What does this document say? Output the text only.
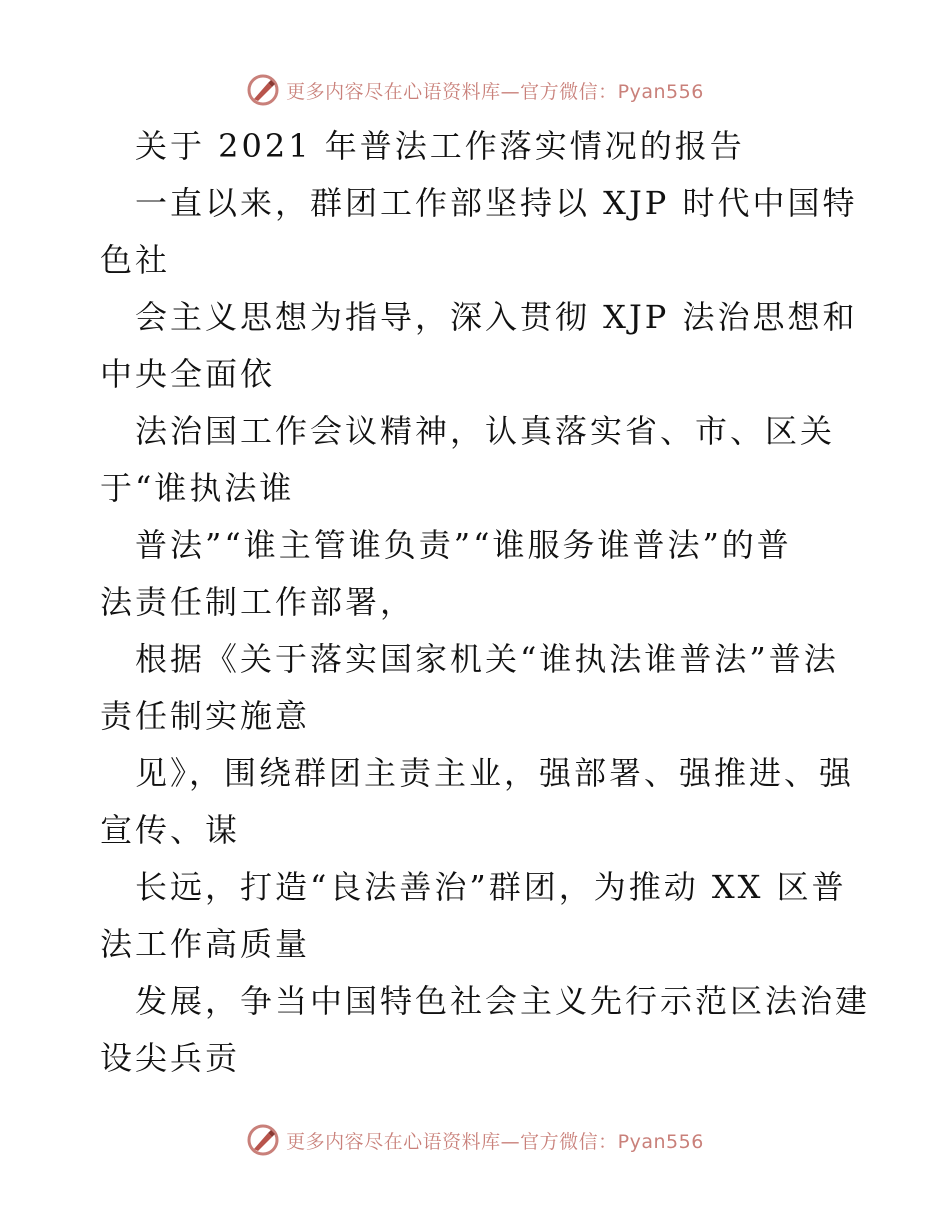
更多内容尽在心语资料库—官方微信：Pyan556
关于 2021 年普法工作落实情况的报告
一直以来，群团工作部坚持以 XJP 时代中国特
色社
会主义思想为指导，深入贯彻 XJP 法治思想和
中央全面依
法治国工作会议精神，认真落实省、市、区关
于“谁执法谁
普法”“谁主管谁负责”“谁服务谁普法”的普
法责任制工作部署，
根据《关于落实国家机关“谁执法谁普法”普法
责任制实施意
见》，围绕群团主责主业，强部署、强推进、强
宣传、谋
长远，打造“良法善治”群团，为推动 XX 区普
法工作高质量
发展，争当中国特色社会主义先行示范区法治建
设尖兵贡
更多内容尽在心语资料库—官方微信：Pyan556
